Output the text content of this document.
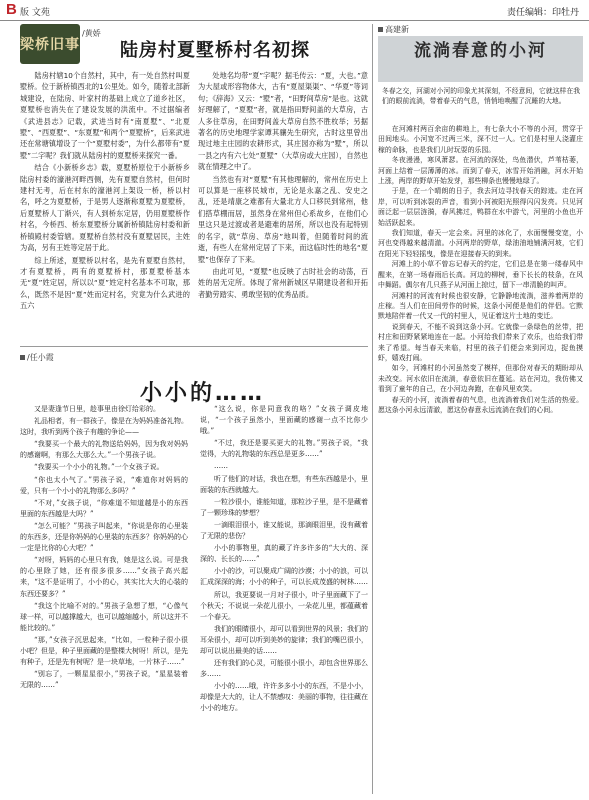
B 版 文苑	责任编辑：印牡丹
梁桥旧事
/黄娇
陆房村夏墅桥村名初探

陆房村辖10个自然村，其中，有一处自然村叫夏墅桥。位于新桥镇西北的1公里处。如今，随着北部新城建设，在陆房、叶家村的基础上成立了道乡社区，夏墅桥也消失在了建设发展的洪流中。不过据编者《武进县志》记载，武进当时有“南夏墅”、“北夏墅”、“西夏墅”、“东夏墅”和两个“夏墅桥”，后来武进还在常塘镇增设了一个“夏墅村委”，为什么都带有“夏墅”二字呢？我们就从陆房村的夏墅桥来探究一番。

结合《小新桥乡志》载，夏墅桥原位于小新桥乡陆房村委的濠港河畔西侧，先有夏墅自然村，但何时建村无考，后在村东的濠港河上架设一桥，桥以村名，呼之为夏墅桥，于是男人逐渐称夏墅为夏墅桥，后夏墅桥人丁渐兴，有人到桥东定居，仍用夏墅桥作村名，今桥西、桥东夏墅桥分属新桥镇陆房村委和新桥镇殿村委管辖。夏墅桥自然村没有夏墅居民，主姓为高，另有王姓等定居于此。

综上所述，夏墅桥以村名，是先有夏墅自然村，才有夏墅桥，两有的夏墅桥村，那夏墅桥基本无“夏”姓定居，所以以“夏”姓定村名基本不可取，那么，既然不是因“夏”姓而定村名，究竟为什么武进的五六

处地名均带“夏”字呢？据毛传云：“夏，大也。”意为大屋或形容物体大，古有“夏屋渠渠”、“华夏”等词句；《辞海》又云：“墅”者，“田野间草房”是也。这就好理解了，“夏墅”者，就是指田野间盖的大草房，古人多住草房，在田野间盖大草房自然不胜枚举；另据著名的历史地理学家谭其骧先生研究，古时这里曾出现过地主庄园的农耕形式，其庄园亦称为“墅”，所以一县之内有六七处“夏墅”（大草房或大庄园），自然也就在情理之中了。

当然也有对“夏墅”有其他理解的，常州在历史上可以算是一座移民城市，无论是永嘉之乱、安史之乱，还是靖康之难都有大量北方人口移民到常州，他们搭草棚而居，虽然身在常州但心系故乡，在他们心里这只是过渡或者是避难的居所，所以也没有起特别的名字，就“草房、草房”地叫着，但随着时间的流逝，有些人在常州定居了下来，而这临时性的地名“夏墅”也保存了下来。

由此可见，“夏墅”也反映了古时社会的动荡，百姓的居无定所。体现了常州新城区早期建设者和开拓者勤劳踏实、勇敢坚韧的优秀品质。

/任小霞
小小的……

又是妻逢节日里，趁事里由徐灯给彩的。

礼品相者，有一群孩子，像是在为妈妈准备礼物。这时，我听到两个孩子有趣的争论——

“我要买一个最大的礼物送给妈妈，因为我对妈妈的感谢啊，有那么大那么大。”一个男孩子说。

“我要买一个小小的礼物。”一个女孩子说。

“你也太小气了。”男孩子说，“难道你对妈妈的爱，只有一个小小的礼物那么多吗？”

“不对，”女孩子说，“你难道不知道越是小的东西里面的东西越是大吗？”

“怎么可能？”男孩子叫起来，“你说是你的心里装的东西多，还是你妈妈的心里装的东西多？你妈妈的心一定是比你的心大吧？”

“对呀，妈妈的心里只有我，她是这么说。可是我的心里除了她，还有很多很多……”女孩子高兴起来，“这不是证明了，小小的心，其实比大大的心装的东西还要多？”

“我这个比喻不对的。”男孩子急想了想，“心像气球一样，可以越撑越大，也可以越缩越小，所以这并不能比较的。”

“那，”女孩子沉思起来，“比如，一粒种子很小很小吧？但是，种子里面藏的是整棵大树呀！所以，是先有种子，还是先有树呢？是一块草地，一片林子……”

“别忘了，一颗星星很小，”男孩子说，“星星装着无限的……”

“这么说，你是同意我的咯？”女孩子调皮地说，“一个孩子虽然小，里面藏的感谢一点不比你少哦。”

“不过，我还是要买更大的礼物。”男孩子说，“我觉得，大的礼物装的东西总是更多……”

……

听了他们的对话，我也在想，有些东西越是小，里面装的东西就越大。

一粒沙很小，谁能知道，那粒沙子里，是不是藏着了一颗珍珠的梦想？

一滴眼泪很小，谁又能说，那滴眼泪里，没有藏着了无限的悲伤？

小小的事物里，真的藏了许多许多的“大大的、深深的、长长的……”

小小的沙，可以聚成广阔的沙漠；小小的浪，可以汇成深深的海；小小的种子，可以长成茂盛的树林……

所以，我更要说一月对子很小，叶子里面藏下了一个秋天；不说说一朵花儿很小，一朵花儿里，都蕴藏着一个春天。

我们的眼睛很小，却可以看到世界的风景；我们的耳朵很小，却可以听到美妙的旋律；我们的嘴巴很小，却可以说出最美的话……

还有我们的心灵，可能很小很小，却包含世界那么多……

小小的……哦，许许多多小小的东西，不是小小，却像是大大的，让人不禁感叹：美丽的事物，往往藏在小小的地方。

高建新
流淌春意的小河
冬春之交，河湖对小河的印象尤其深刻，不经意间，它就这样在我们的眼前流淌，带着春天的气息，悄悄地唤醒了沉睡的大地。

在河滩村两百余亩的耕地上，有七条大小不等的小河，贯穿于田间地头。小河宽不过两三米，深不过一人。它们是村里人浇灌庄稼的命脉，也是我们儿时玩耍的乐园。

冬夜漫漫，寒风萧瑟。在河流的深处，鸟鱼潜伏，芦苇枯萎，河面上结着一层薄薄的冰。而到了春天，冰雪开始消融，河水开始上涨，两岸的野草开始发芽，那些柳条也慢慢地绿了。

于是，在一个晴朗的日子，我去河边寻找春天的踪迹。走在河岸，可以听到冰裂的声音，看到小河被阳光照得闪闪发亮。只见河面泛起一层层涟漪，春风拂过，鸭群在水中游弋，河里的小鱼也开始活跃起来。

我们知道，春天一定会来。河里的冰化了，水面慢慢变宽，小河也变得越来越清澈。小河两岸的野草，绿油油地铺满河坡，它们在阳光下轻轻摇曳，像是在迎接春天的到来。

河滩上的小草不曾忘记春天的约定，它们总是在第一缕春风中醒来，在第一场春雨后长高。河边的柳树，垂下长长的枝条，在风中舞蹈。偶尔有几只燕子从河面上掠过，留下一串清脆的叫声。

河滩村的河流有时候也很安静，它静静地流淌，滋养着两岸的庄稼。当人们在田间劳作的时候，这条小河便是他们的伴侣。它默默地陪伴着一代又一代的村里人，见证着这片土地的变迁。

说到春天，不能不说到这条小河。它就像一条绿色的丝带，把村庄和田野紧紧地连在一起。小河给我们带来了欢乐，也给我们带来了希望。每当春天来临，村里的孩子们便会来到河边，捉鱼摸虾，嬉戏打闹。

如今，河滩村的小河虽然变了模样，但那份对春天的期盼却从未改变。河水依旧在流淌，春意依旧在蔓延。站在河边，我仿佛又看到了童年的自己，在小河边奔跑，在春风里欢笑。

春天的小河，流淌着春的气息，也流淌着我们对生活的热爱。愿这条小河永远清澈，愿这份春意永远流淌在我们的心间。
